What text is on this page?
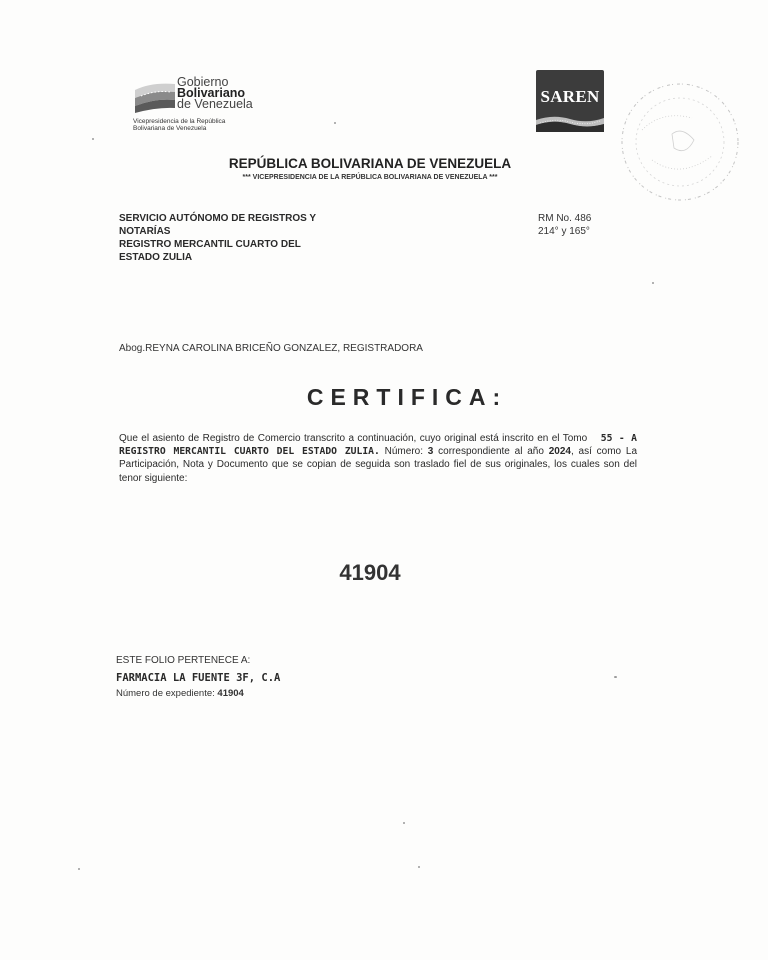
Gobierno
Bolivariano
de Venezuela
Vicepresidencia de la República
Bolivariana de Venezuela
SAREN
REPÚBLICA BOLIVARIANA DE VENEZUELA
*** VICEPRESIDENCIA DE LA REPÚBLICA BOLIVARIANA DE VENEZUELA ***
SERVICIO AUTÓNOMO DE REGISTROS Y
NOTARÍAS
REGISTRO MERCANTIL CUARTO DEL
ESTADO ZULIA
RM No. 486
214° y 165°
Abog.REYNA CAROLINA BRICEÑO GONZALEZ, REGISTRADORA
CERTIFICA:
Que el asiento de Registro de Comercio transcrito a continuación, cuyo original está inscrito en el Tomo 55 - A REGISTRO MERCANTIL CUARTO DEL ESTADO ZULIA. Número: 3 correspondiente al año 2024, así como La Participación, Nota y Documento que se copian de seguida son traslado fiel de sus originales, los cuales son del tenor siguiente:
41904
ESTE FOLIO PERTENECE A:
FARMACIA LA FUENTE 3F, C.A
Número de expediente: 41904
